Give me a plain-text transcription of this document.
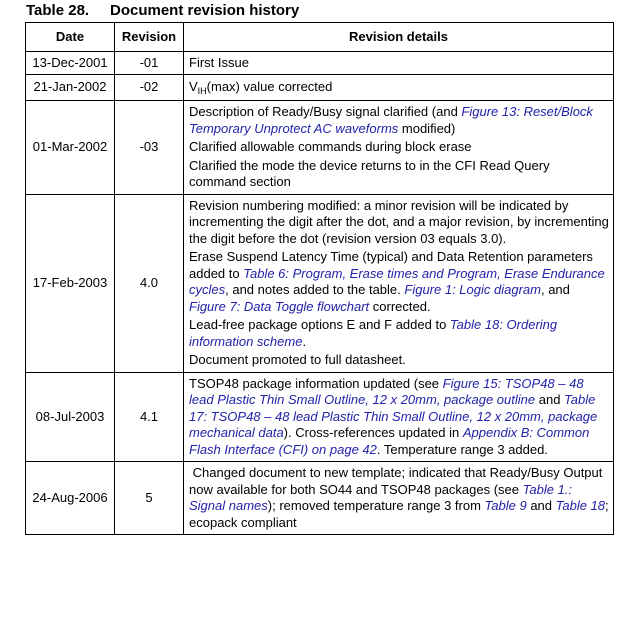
Table 28. Document revision history
Date	Revision	Revision details
13-Dec-2001	-01	First Issue
21-Jan-2002	-02	$V_{IH}(\max)$ value corrected
01-Mar-2002	-03	Description of Ready/Busy signal clarified (and Figure 13: Reset/Block Temporary Unprotect AC waveforms modified)

Clarified allowable commands during block erase

Clarified the mode the device returns to in the CFI Read Query command section

17-Feb-2003	4.0	Revision numbering modified: a minor revision will be indicated by incrementing the digit after the dot, and a major revision, by incrementing the digit before the dot (revision version 03 equals 3.0).

Erase Suspend Latency Time (typical) and Data Retention parameters added to Table 6: Program, Erase times and Program, Erase Endurance cycles, and notes added to the table. Figure 1: Logic diagram, and Figure 7: Data Toggle flowchart corrected.

Lead-free package options E and F added to Table 18: Ordering information scheme.

Document promoted to full datasheet.

08-Jul-2003	4.1	TSOP48 package information updated (see Figure 15: TSOP48 – 48 lead Plastic Thin Small Outline, 12 x 20mm, package outline and Table 17: TSOP48 – 48 lead Plastic Thin Small Outline, 12 x 20mm, package mechanical data). Cross-references updated in Appendix B: Common Flash Interface (CFI) on page 42. Temperature range 3 added.

24-Aug-2006	5	Changed document to new template; indicated that Ready/Busy Output now available for both SO44 and TSOP48 packages (see Table 1.: Signal names); removed temperature range 3 from Table 9 and Table 18; ecopack compliant
